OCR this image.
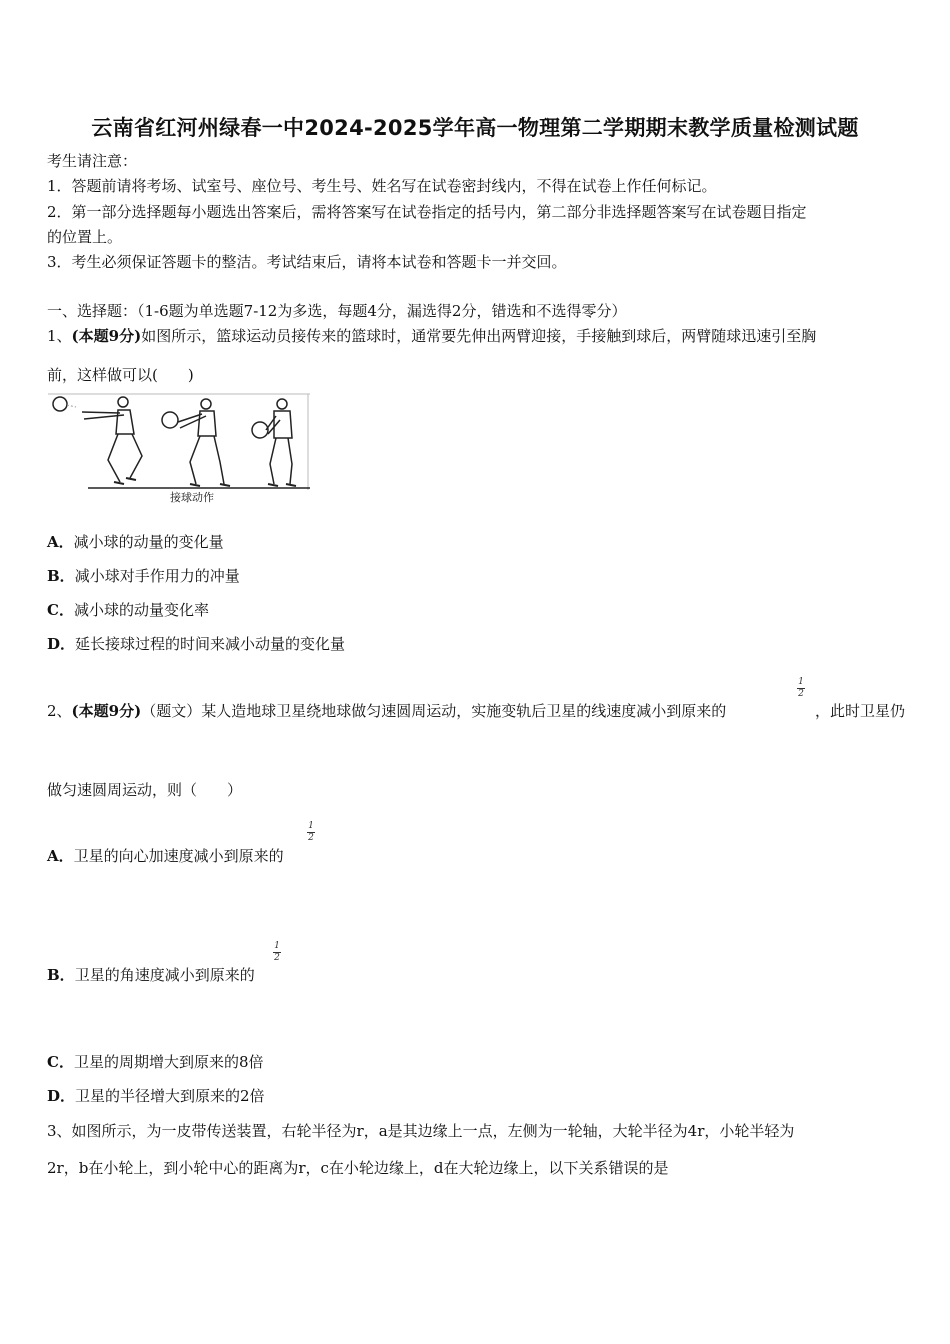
云南省红河州绿春一中2024-2025学年高一物理第二学期期末教学质量检测试题
考生请注意：
1．答题前请将考场、试室号、座位号、考生号、姓名写在试卷密封线内，不得在试卷上作任何标记。
2．第一部分选择题每小题选出答案后，需将答案写在试卷指定的括号内，第二部分非选择题答案写在试卷题目指定
的位置上。
3．考生必须保证答题卡的整洁。考试结束后，请将本试卷和答题卡一并交回。
一、选择题：（1-6题为单选题7-12为多选，每题4分，漏选得2分，错选和不选得零分）
1、(本题9分)如图所示，篮球运动员接传来的篮球时，通常要先伸出两臂迎接，手接触到球后，两臂随球迅速引至胸
前，这样做可以(　　)
接球动作
A．减小球的动量的变化量
B．减小球对手作用力的冲量
C．减小球的动量变化率
D．延长接球过程的时间来减小动量的变化量
2、(本题9分)（题文）某人造地球卫星绕地球做匀速圆周运动，实施变轨后卫星的线速度减小到原来的
1
2
，此时卫星仍
做匀速圆周运动，则（　　）
A．卫星的向心加速度减小到原来的
1
2
B．卫星的角速度减小到原来的
1
2
C．卫星的周期增大到原来的8倍
D．卫星的半径增大到原来的2倍
3、如图所示，为一皮带传送装置，右轮半径为r，a是其边缘上一点，左侧为一轮轴，大轮半径为4r，小轮半轻为
2r，b在小轮上，到小轮中心的距离为r，c在小轮边缘上，d在大轮边缘上，以下关系错误的是
